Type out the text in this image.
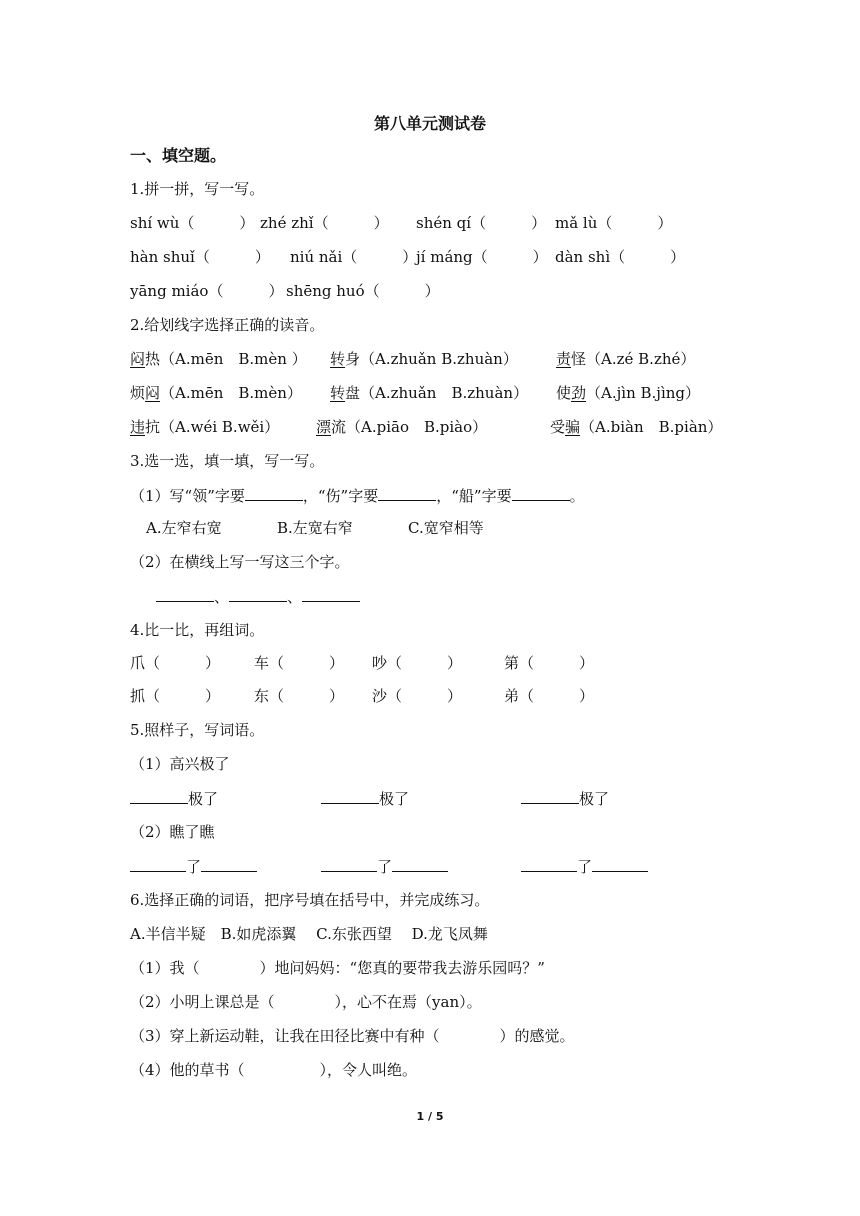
第八单元测试卷
一、填空题。
1.拼一拼，写一写。
shí wù（　　　） zhé zhǐ（　　　） shén qí（　　　） mǎ lù（　　　）
hàn shuǐ（　　　） niú nǎi（　　　）
jí máng（　　　） dàn shì（　　　）
yāng miáo（　　　） shēng huó（　　　）
2.给划线字选择正确的读音。
闷热（A.mēn　B.mèn ） 转身（A.zhuǎn B.zhuàn）	责怪（A.zé B.zhé）
烦闷（A.mēn　B.mèn） 转盘（A.zhuǎn　B.zhuàn） 使劲（A.jìn B.jìng）
违抗（A.wéi B.wěi） 漂流（A.piāo　B.piào）	受骗（A.biàn　B.piàn）
3.选一选，填一填，写一写。
（1）写“领”字要	，“伤”字要	，“船”字要	。
A.左窄右宽	B.左宽右窄	C.宽窄相等
（2）在横线上写一写这三个字。
、	、
4.比一比，再组词。
爪（　　　） 车（　　　） 吵（　　　）	第（　　　）
抓（　　　） 东（　　　） 沙（　　　）	弟（　　　）
5.照样子，写词语。
（1）高兴极了
极了	极了	极了
（2）瞧了瞧
了	了	了
6.选择正确的词语，把序号填在括号中，并完成练习。
A.半信半疑　B.如虎添翼　 C.东张西望　 D.龙飞凤舞
（1）我（　　　　）地问妈妈：“您真的要带我去游乐园吗？”
（2）小明上课总是（　　　　），心不在焉（yan）。
（3）穿上新运动鞋，让我在田径比赛中有种（　　　　）的感觉。
（4）他的草书（　　　　　），令人叫绝。
1 / 5
